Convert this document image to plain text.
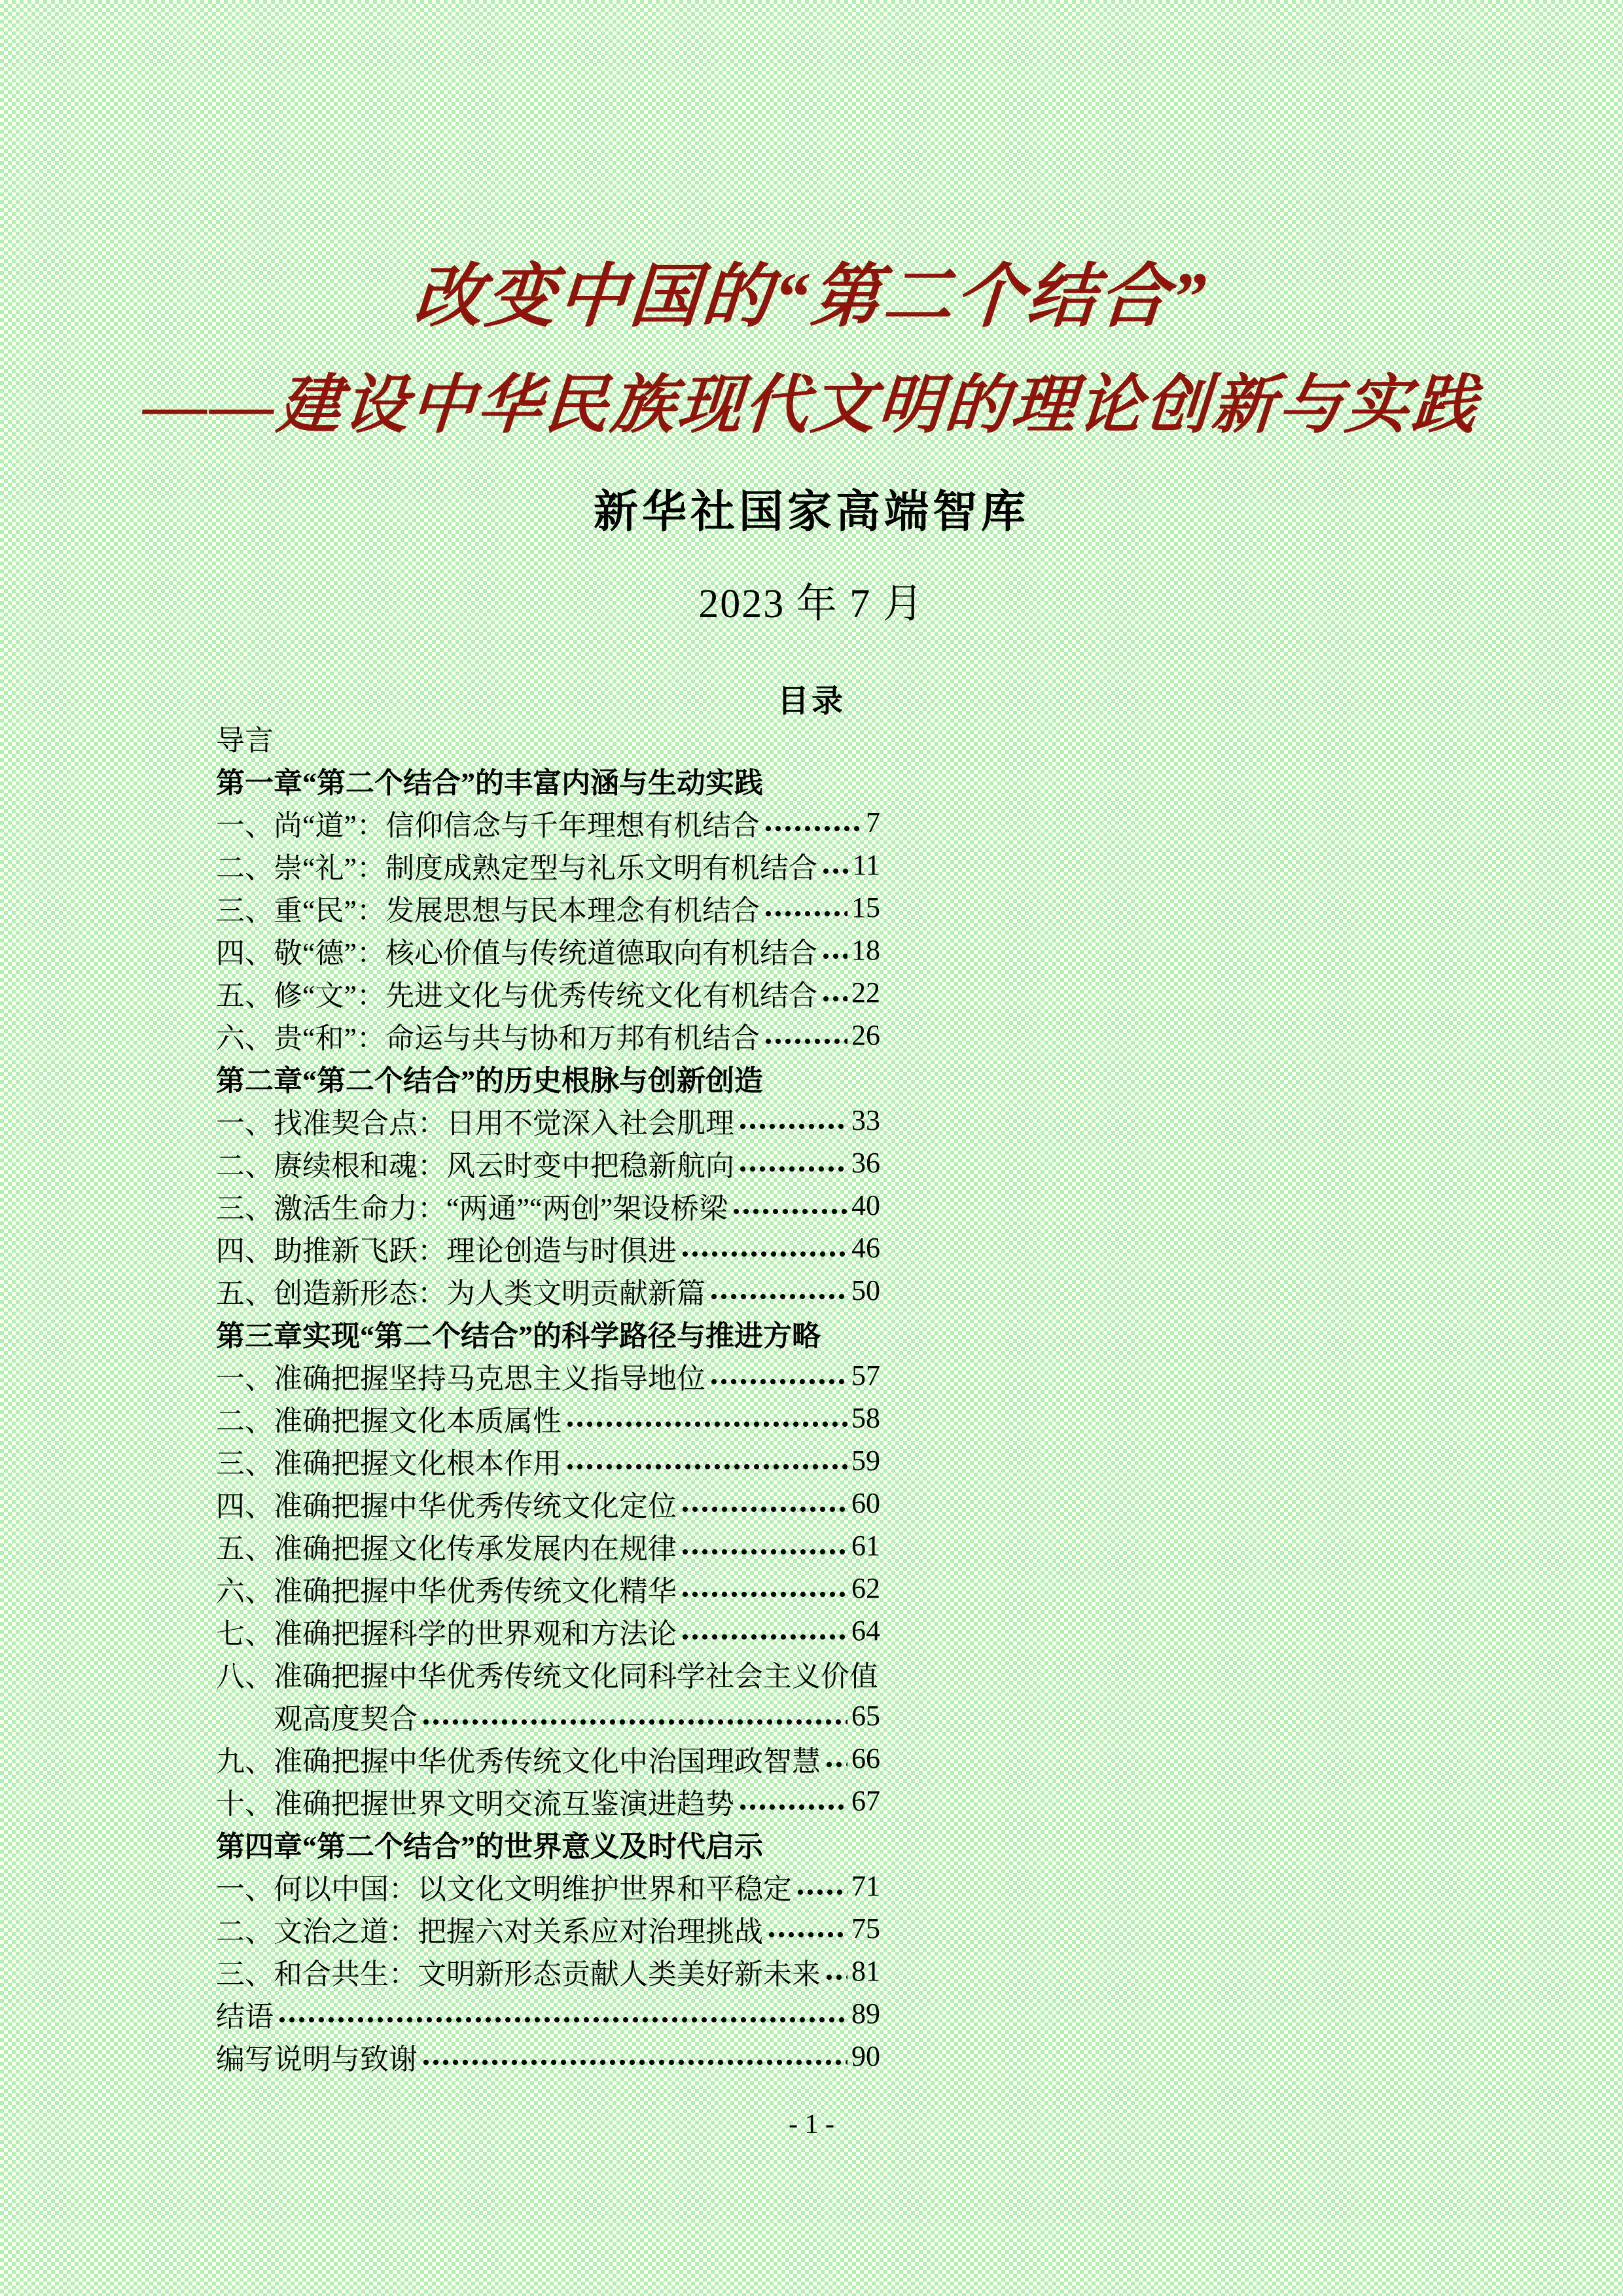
改变中国的“第二个结合”
——建设中华民族现代文明的理论创新与实践
新华社国家高端智库
2023 年 7 月
目录
导言
第一章“第二个结合”的丰富内涵与生动实践
一、尚“道”：信仰信念与千年理想有机结合	7
二、崇“礼”：制度成熟定型与礼乐文明有机结合 11
三、重“民”：发展思想与民本理念有机结合	15
四、敬“德”：核心价值与传统道德取向有机结合 18
五、修“文”：先进文化与优秀传统文化有机结合 22
六、贵“和”：命运与共与协和万邦有机结合	26
第二章“第二个结合”的历史根脉与创新创造
一、找准契合点：日用不觉深入社会肌理	33
二、赓续根和魂：风云时变中把稳新航向	36
三、激活生命力：“两通”“两创”架设桥梁	40
四、助推新飞跃：理论创造与时俱进	46
五、创造新形态：为人类文明贡献新篇	50
第三章实现“第二个结合”的科学路径与推进方略
一、准确把握坚持马克思主义指导地位	57
二、准确把握文化本质属性	58
三、准确把握文化根本作用	59
四、准确把握中华优秀传统文化定位	60
五、准确把握文化传承发展内在规律	61
六、准确把握中华优秀传统文化精华	62
七、准确把握科学的世界观和方法论	64
八、准确把握中华优秀传统文化同科学社会主义价值
观高度契合	65
九、准确把握中华优秀传统文化中治国理政智慧 66
十、准确把握世界文明交流互鉴演进趋势	67
第四章“第二个结合”的世界意义及时代启示
一、何以中国：以文化文明维护世界和平稳定 71
二、文治之道：把握六对关系应对治理挑战	75
三、和合共生：文明新形态贡献人类美好新未来 81
结语	89
编写说明与致谢	90
- 1 -
